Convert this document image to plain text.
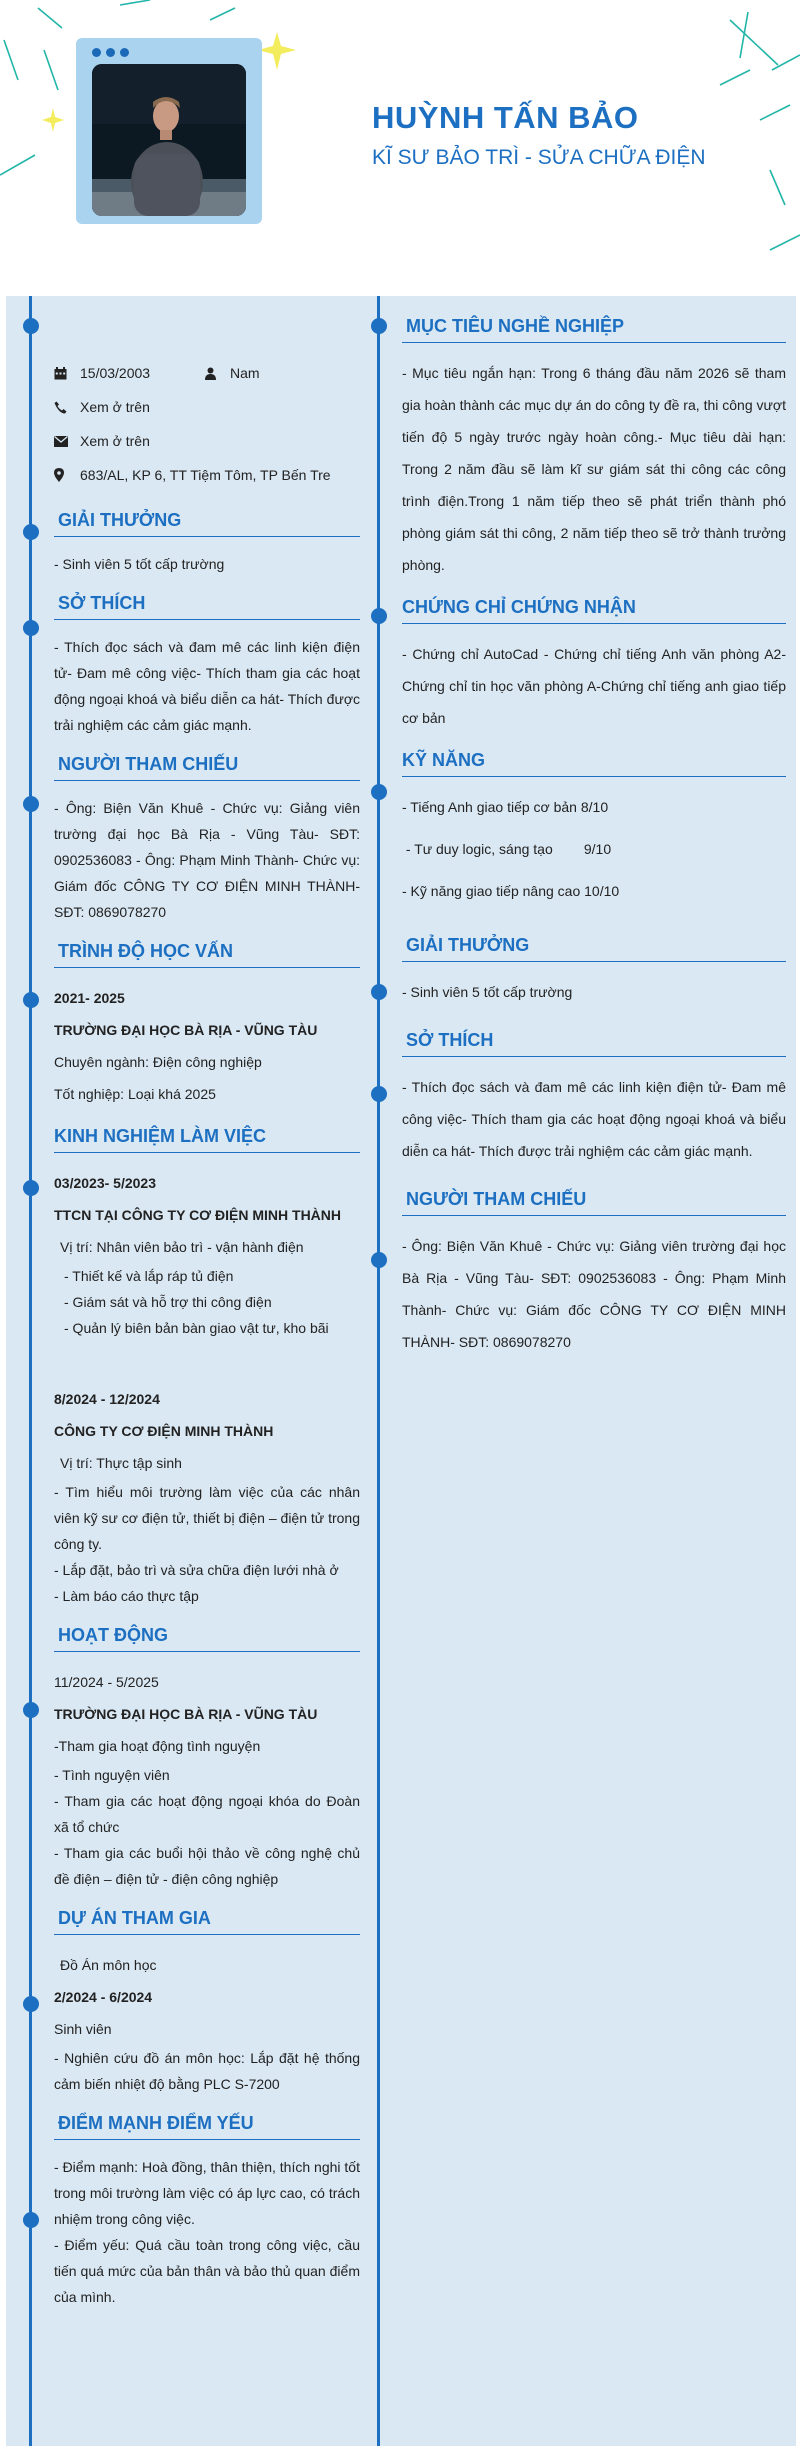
HUỲNH TẤN BẢO
KĨ SƯ BẢO TRÌ - SỬA CHỮA ĐIỆN
15/03/2003	Nam
Xem ở trên
Xem ở trên
683/AL, KP 6, TT Tiệm Tôm, TP Bến Tre
GIẢI THƯỞNG
- Sinh viên 5 tốt cấp trường
SỞ THÍCH
- Thích đọc sách và đam mê các linh kiện điện tử- Đam mê công việc- Thích tham gia các hoạt động ngoại khoá và biểu diễn ca hát- Thích được trải nghiệm các cảm giác mạnh.
NGƯỜI THAM CHIẾU
- Ông: Biện Văn Khuê - Chức vụ: Giảng viên trường đại học Bà Rịa - Vũng Tàu- SĐT: 0902536083 - Ông: Phạm Minh Thành- Chức vụ: Giám đốc CÔNG TY CƠ ĐIỆN MINH THÀNH- SĐT: 0869078270
TRÌNH ĐỘ HỌC VẤN
2021- 2025
TRƯỜNG ĐẠI HỌC BÀ RỊA - VŨNG TÀU
Chuyên ngành: Điện công nghiệp
Tốt nghiệp: Loại khá 2025
KINH NGHIỆM LÀM VIỆC
03/2023- 5/2023
TTCN TẠI CÔNG TY CƠ ĐIỆN MINH THÀNH
Vị trí: Nhân viên bảo trì - vận hành điện
- Thiết kế và lắp ráp tủ điện
- Giám sát và hỗ trợ thi công điện
- Quản lý biên bản bàn giao vật tư, kho bãi
8/2024 - 12/2024
CÔNG TY CƠ ĐIỆN MINH THÀNH
Vị trí: Thực tập sinh
- Tìm hiểu môi trường làm việc của các nhân viên kỹ sư cơ điện tử, thiết bị điện – điện tử trong công ty.
- Lắp đặt, bảo trì và sửa chữa điện lưới nhà ở
- Làm báo cáo thực tập
HOẠT ĐỘNG
11/2024 - 5/2025
TRƯỜNG ĐẠI HỌC BÀ RỊA - VŨNG TÀU
-Tham gia hoạt động tình nguyện
- Tình nguyện viên
- Tham gia các hoạt động ngoại khóa do Đoàn xã tổ chức
- Tham gia các buổi hội thảo về công nghệ chủ đề điện – điện tử - điện công nghiệp
DỰ ÁN THAM GIA
Đồ Án môn học
2/2024 - 6/2024
Sinh viên
- Nghiên cứu đồ án môn học: Lắp đặt hệ thống cảm biến nhiệt độ bằng PLC S-7200
ĐIỂM MẠNH ĐIỂM YẾU
- Điểm mạnh: Hoà đồng, thân thiện, thích nghi tốt trong môi trường làm việc có áp lực cao, có trách nhiệm trong công việc.
- Điểm yếu: Quá cầu toàn trong công việc, cầu tiến quá mức của bản thân và bảo thủ quan điểm của mình.
MỤC TIÊU NGHỀ NGHIỆP
- Mục tiêu ngắn hạn: Trong 6 tháng đầu năm 2026 sẽ tham gia hoàn thành các mục dự án do công ty đề ra, thi công vượt tiến độ 5 ngày trước ngày hoàn công.- Mục tiêu dài hạn: Trong 2 năm đầu sẽ làm kĩ sư giám sát thi công các công trình điện.Trong 1 năm tiếp theo sẽ phát triển thành phó phòng giám sát thi công, 2 năm tiếp theo sẽ trở thành trưởng phòng.
CHỨNG CHỈ CHỨNG NHẬN
- Chứng chỉ AutoCad - Chứng chỉ tiếng Anh văn phòng A2- Chứng chỉ tin học văn phòng A-Chứng chỉ tiếng anh giao tiếp cơ bản
KỸ NĂNG
- Tiếng Anh giao tiếp cơ bản 8/10
- Tư duy logic, sáng tạo        9/10
- Kỹ năng giao tiếp nâng cao 10/10
GIẢI THƯỞNG
- Sinh viên 5 tốt cấp trường
SỞ THÍCH
- Thích đọc sách và đam mê các linh kiện điện tử- Đam mê công việc- Thích tham gia các hoạt động ngoại khoá và biểu diễn ca hát- Thích được trải nghiệm các cảm giác mạnh.
NGƯỜI THAM CHIẾU
- Ông: Biện Văn Khuê - Chức vụ: Giảng viên trường đại học Bà Rịa - Vũng Tàu- SĐT: 0902536083 - Ông: Phạm Minh Thành- Chức vụ: Giám đốc CÔNG TY CƠ ĐIỆN MINH THÀNH- SĐT: 0869078270
